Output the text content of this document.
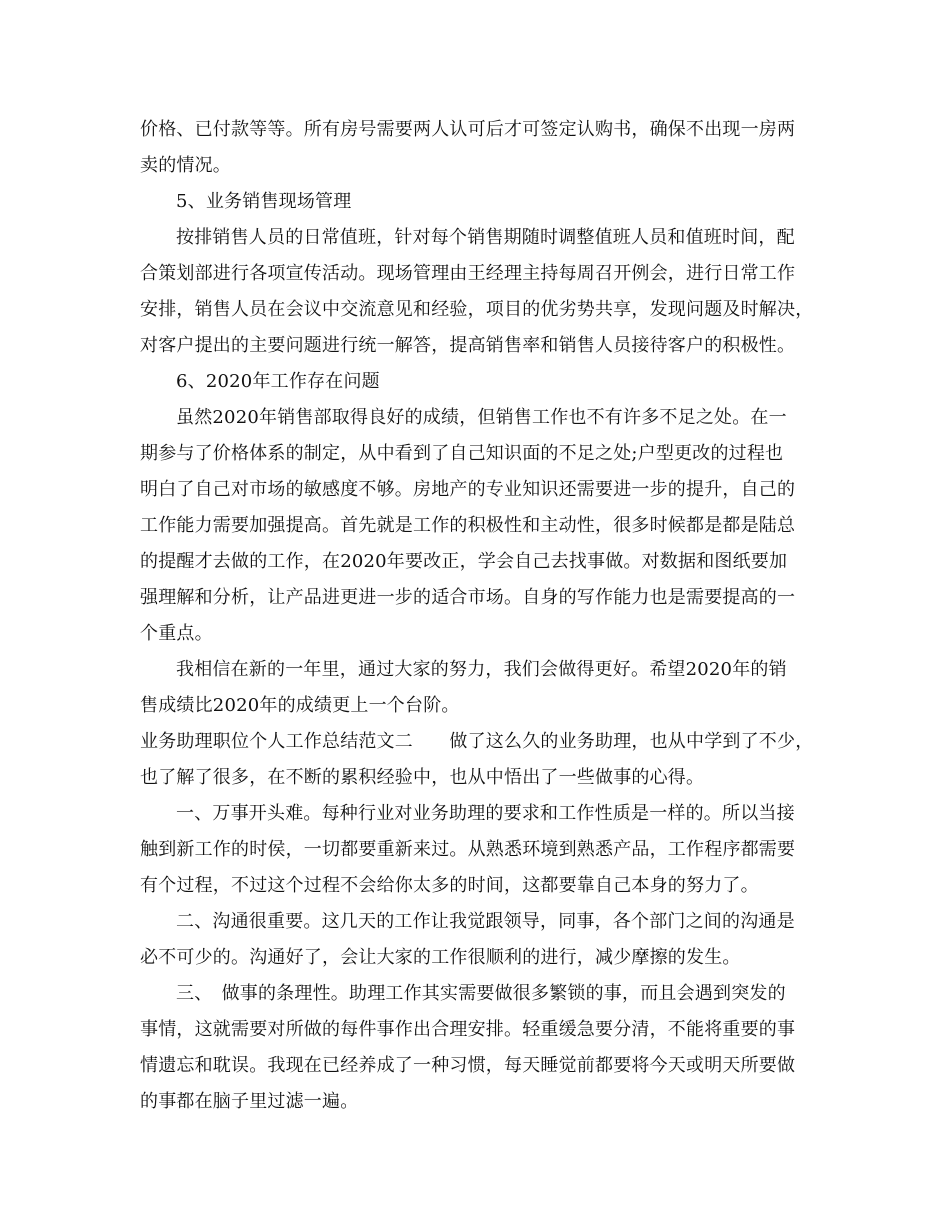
价格、已付款等等。所有房号需要两人认可后才可签定认购书，确保不出现一房两
卖的情况。
5、业务销售现场管理
按排销售人员的日常值班，针对每个销售期随时调整值班人员和值班时间，配
合策划部进行各项宣传活动。现场管理由王经理主持每周召开例会，进行日常工作
安排，销售人员在会议中交流意见和经验，项目的优劣势共享，发现问题及时解决，
对客户提出的主要问题进行统一解答，提高销售率和销售人员接待客户的积极性。
6、2020年工作存在问题
虽然2020年销售部取得良好的成绩，但销售工作也不有许多不足之处。在一
期参与了价格体系的制定，从中看到了自己知识面的不足之处;户型更改的过程也
明白了自己对市场的敏感度不够。房地产的专业知识还需要进一步的提升，自己的
工作能力需要加强提高。首先就是工作的积极性和主动性，很多时候都是都是陆总
的提醒才去做的工作，在2020年要改正，学会自己去找事做。对数据和图纸要加
强理解和分析，让产品进更进一步的适合市场。自身的写作能力也是需要提高的一
个重点。
我相信在新的一年里，通过大家的努力，我们会做得更好。希望2020年的销
售成绩比2020年的成绩更上一个台阶。
业务助理职位个人工作总结范文二　　做了这么久的业务助理，也从中学到了不少，
也了解了很多，在不断的累积经验中，也从中悟出了一些做事的心得。
一、万事开头难。每种行业对业务助理的要求和工作性质是一样的。所以当接
触到新工作的时侯，一切都要重新来过。从熟悉环境到熟悉产品，工作程序都需要
有个过程，不过这个过程不会给你太多的时间，这都要靠自己本身的努力了。
二、沟通很重要。这几天的工作让我觉跟领导，同事，各个部门之间的沟通是
必不可少的。沟通好了，会让大家的工作很顺利的进行，减少摩擦的发生。
三、　做事的条理性。助理工作其实需要做很多繁锁的事，而且会遇到突发的
事情，这就需要对所做的每件事作出合理安排。轻重缓急要分清，不能将重要的事
情遗忘和耽误。我现在已经养成了一种习惯，每天睡觉前都要将今天或明天所要做
的事都在脑子里过滤一遍。
